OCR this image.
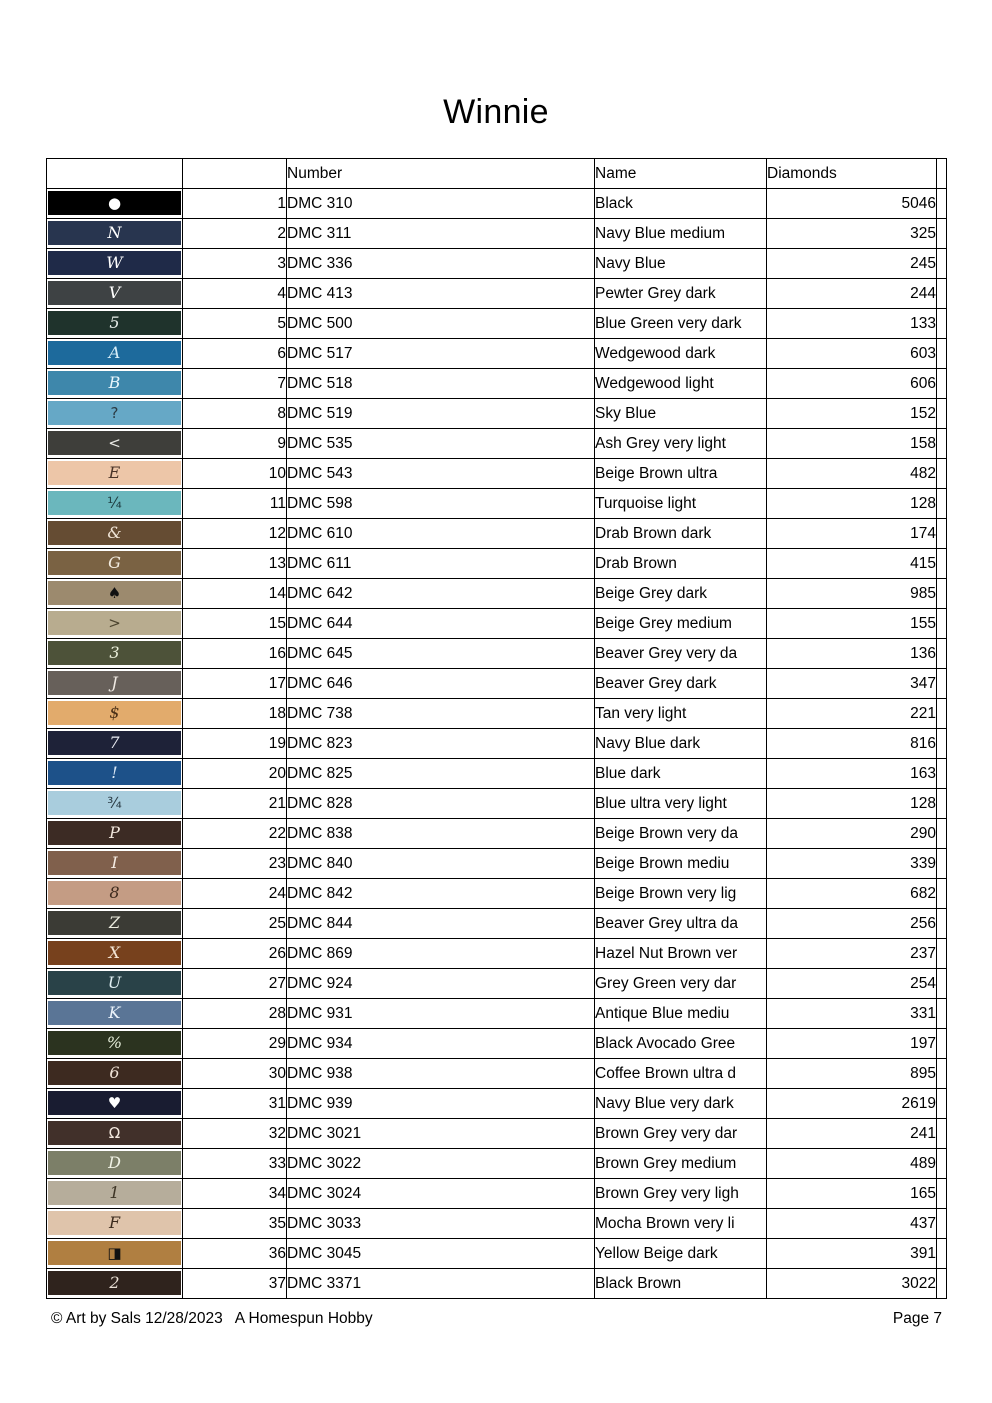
Winnie
		Number	Name	Diamonds	

●	1	DMC 310	Black	5046	

N	2	DMC 311	Navy Blue medium	325	

W	3	DMC 336	Navy Blue	245	

V	4	DMC 413	Pewter Grey dark	244	

5	5	DMC 500	Blue Green very dark	133	

A	6	DMC 517	Wedgewood dark	603	

B	7	DMC 518	Wedgewood light	606	

?	8	DMC 519	Sky Blue	152	

<	9	DMC 535	Ash Grey very light	158	

E	10	DMC 543	Beige Brown ultra	482	

¼	11	DMC 598	Turquoise light	128	

&	12	DMC 610	Drab Brown dark	174	

G	13	DMC 611	Drab Brown	415	

♠	14	DMC 642	Beige Grey dark	985	

>	15	DMC 644	Beige Grey medium	155	

3	16	DMC 645	Beaver Grey very da	136	

J	17	DMC 646	Beaver Grey dark	347	

$	18	DMC 738	Tan very light	221	

7	19	DMC 823	Navy Blue dark	816	

!	20	DMC 825	Blue dark	163	

¾	21	DMC 828	Blue ultra very light	128	

P	22	DMC 838	Beige Brown very da	290	

I	23	DMC 840	Beige Brown mediu	339	

8	24	DMC 842	Beige Brown very lig	682	

Z	25	DMC 844	Beaver Grey ultra da	256	

X	26	DMC 869	Hazel Nut Brown ver	237	

U	27	DMC 924	Grey Green very dar	254	

K	28	DMC 931	Antique Blue mediu	331	

%	29	DMC 934	Black Avocado Gree	197	

6	30	DMC 938	Coffee Brown ultra d	895	

♥	31	DMC 939	Navy Blue very dark	2619	

Ω	32	DMC 3021	Brown Grey very dar	241	

D	33	DMC 3022	Brown Grey medium	489	

1	34	DMC 3024	Brown Grey very ligh	165	

F	35	DMC 3033	Mocha Brown very li	437	

◨	36	DMC 3045	Yellow Beige dark	391	

2	37	DMC 3371	Black Brown	3022	
© Art by Sals 12/28/2023   A Homespun Hobby	Page 7
